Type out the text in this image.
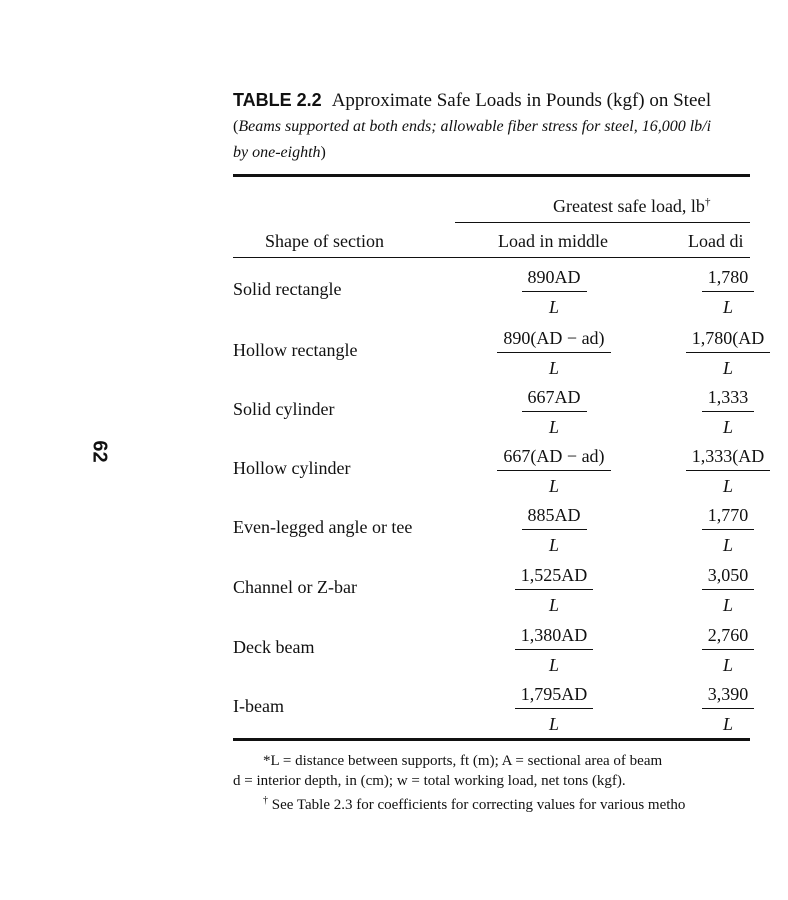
62
TABLE 2.2 Approximate Safe Loads in Pounds (kgf) on Steel
(Beams supported at both ends; allowable fiber stress for steel, 16,000 lb/i
by one-eighth)
Greatest safe load, lb†
Shape of section	Load in middle	Load di
Solid rectangle	$\frac{890AD}{L} \frac{1,780}{L}$
Hollow rectangle	$\frac{890(AD - ad)}{L} \frac{1,780(AD}{L}$
Solid cylinder	$\frac{667AD}{L} \frac{1,333}{L}$
Hollow cylinder	$\frac{667(AD - ad)}{L} \frac{1,333(AD}{L}$
Even-legged angle or tee	$\frac{885AD}{L} \frac{1,770}{L}$
Channel or Z-bar	$\frac{1,525AD}{L} \frac{3,050}{L}$
Deck beam	$\frac{1,380AD}{L} \frac{2,760}{L}$
I-beam	$\frac{1,795AD}{L} \frac{3,390}{L}$
*L = distance between supports, ft (m); A = sectional area of beam
d = interior depth, in (cm); w = total working load, net tons (kgf).
† See Table 2.3 for coefficients for correcting values for various metho
